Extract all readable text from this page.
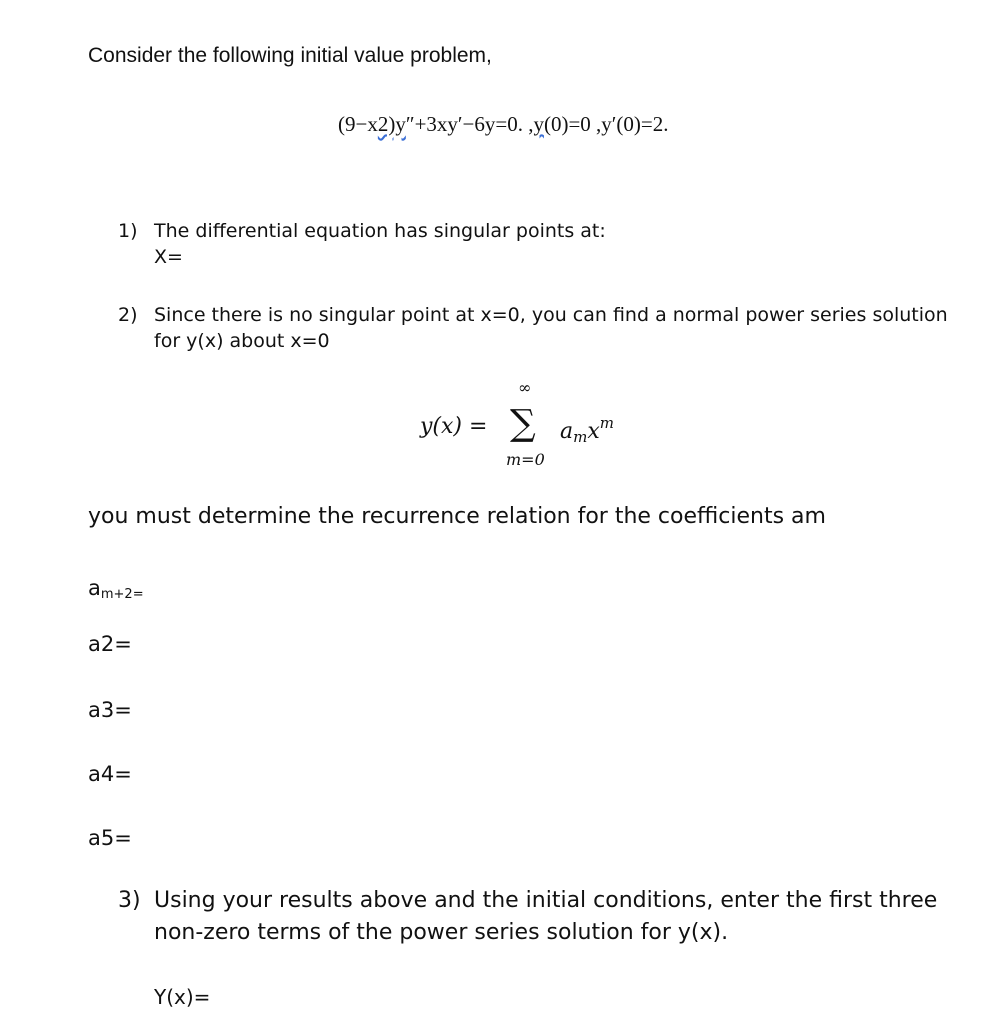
Consider the following initial value problem,
(9−x2)y″+3xy′−6y=0. ,y(0)=0 ,y′(0)=2.
1) The differential equation has singular points at:
X=
2) Since there is no singular point at x=0, you can find a normal power series solution
for y(x) about x=0
y(x) =
∞
∑
m=0
$a_mx^m$
you must determine the recurrence relation for the coefficients am
$a_{m+2=}$
a2=
a3=
a4=
a5=
3) Using your results above and the initial conditions, enter the first three
non-zero terms of the power series solution for y(x).
Y(x)=
